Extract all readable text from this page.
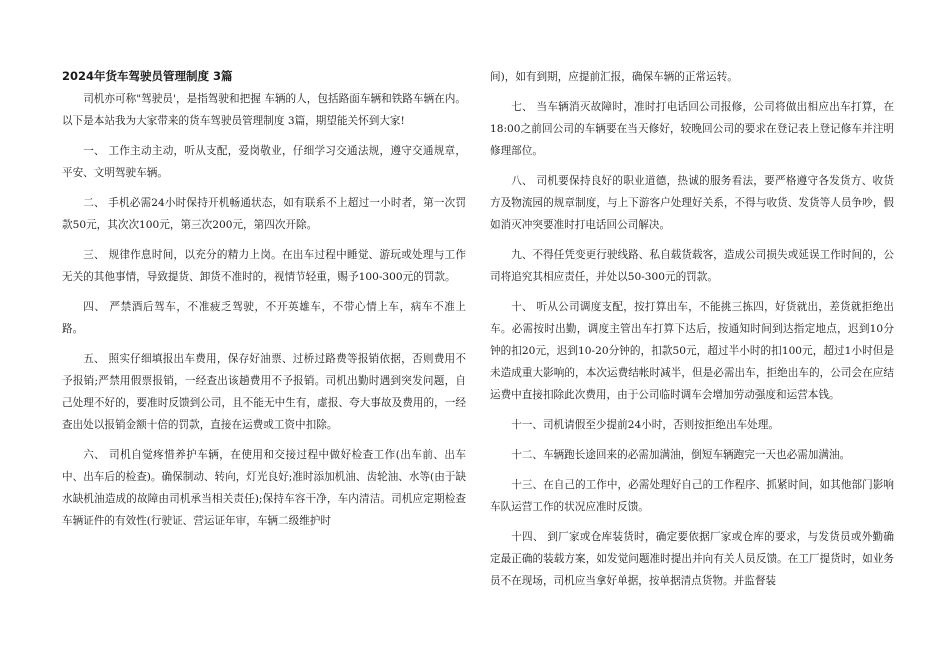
2024年货车驾驶员管理制度 3篇

司机亦可称"驾驶员'，是指驾驶和把握 车辆的人，包括路面车辆和铁路车辆在内。以下是本站我为大家带来的货车驾驶员管理制度 3篇，期望能关怀到大家!

一、 工作主动主动，听从支配，爱岗敬业，仔细学习交通法规，遵守交通规章，平安、文明驾驶车辆。

二、 手机必需24小时保持开机畅通状态，如有联系不上超过一小时者，第一次罚款50元，其次次100元，第三次200元，第四次开除。

三、 规律作息时间，以充分的精力上岗。在出车过程中睡觉、游玩或处理与工作无关的其他事情，导致提货、卸货不准时的，视情节轻重，赐予100-300元的罚款。

四、 严禁酒后驾车，不准疲乏驾驶，不开英雄车，不带心情上车，病车不准上路。

五、 照实仔细填报出车费用，保存好油票、过桥过路费等报销依据，否则费用不予报销;严禁用假票报销，一经查出该趟费用不予报销。司机出勤时遇到突发问题，自己处理不好的，要准时反馈到公司，且不能无中生有，虚报、夸大事故及费用的，一经查出处以报销金额十倍的罚款，直接在运费或工资中扣除。

六、 司机自觉疼惜养护车辆，在使用和交接过程中做好检查工作(出车前、出车中、出车后的检查)。确保制动、转向，灯光良好;准时添加机油、齿轮油、水等(由于缺水缺机油造成的故障由司机承当相关责任);保持车容干净，车内清洁。司机应定期检查车辆证件的有效性(行驶证、营运证年审，车辆二级维护时

间)，如有到期，应提前汇报，确保车辆的正常运转。

七、 当车辆消灭故障时，准时打电话回公司报修，公司将做出相应出车打算，在18:00之前回公司的车辆要在当天修好，较晚回公司的要求在登记表上登记修车并注明修理部位。

八、 司机要保持良好的职业道德，热诚的服务看法，要严格遵守各发货方、收货方及物流园的规章制度，与上下游客户处理好关系，不得与收货、发货等人员争吵，假如消灭冲突要准时打电话回公司解决。

九、不得任凭变更行驶线路、私自载货载客，造成公司损失或延误工作时间的，公司将追究其相应责任，并处以50-300元的罚款。

十、 听从公司调度支配，按打算出车，不能挑三拣四，好货就出，差货就拒绝出车。必需按时出勤，调度主管出车打算下达后，按通知时间到达指定地点，迟到10分钟的扣20元，迟到10-20分钟的，扣款50元，超过半小时的扣100元，超过1小时但是未造成重大影响的，本次运费结帐时减半，但是必需出车，拒绝出车的，公司会在应结运费中直接扣除此次费用，由于公司临时调车会增加劳动强度和运营本钱。

十一、司机请假至少提前24小时，否则按拒绝出车处理。

十二、车辆跑长途回来的必需加满油，倒短车辆跑完一天也必需加满油。

十三、在自己的工作中，必需处理好自己的工作程序、抓紧时间，如其他部门影响车队运营工作的状况应准时反馈。

十四、 到厂家或仓库装货时，确定要依据厂家或仓库的要求，与发货员或外勤确定最正确的装载方案，如发觉问题准时提出并向有关人员反馈。在工厂提货时，如业务员不在现场，司机应当拿好单据，按单据清点货物。并监督装
